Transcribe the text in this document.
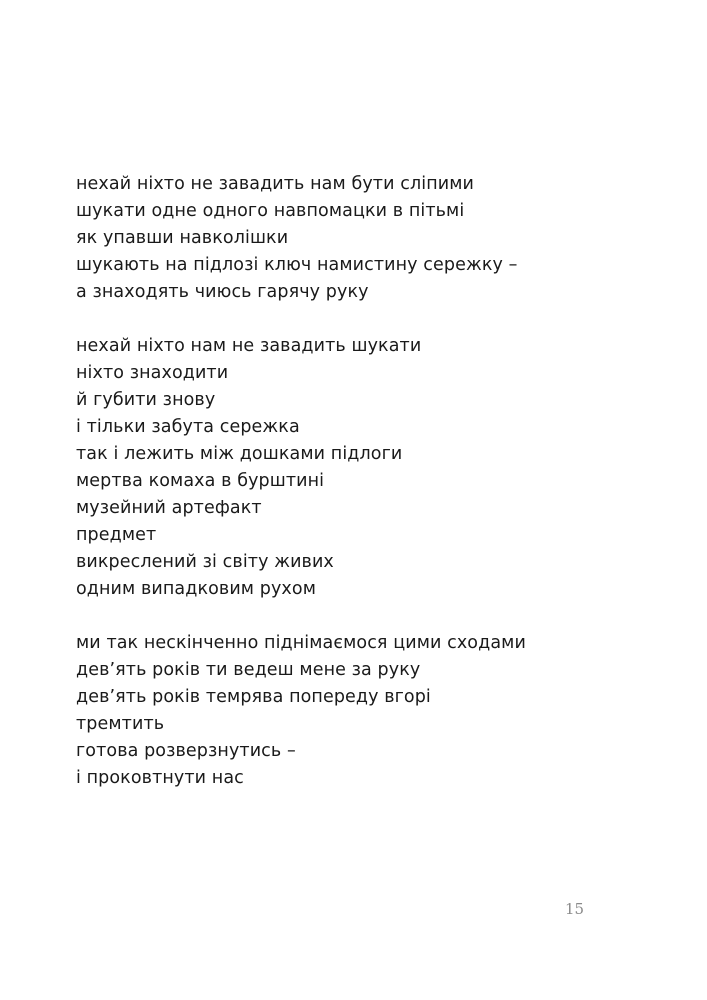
нехай ніхто не завадить нам бути сліпими
шукати одне одного навпомацки в пітьмі
як упавши навколішки
шукають на підлозі ключ намистину сережку –
а знаходять чиюсь гарячу руку
нехай ніхто нам не завадить шукати
ніхто знаходити
й губити знову
і тільки забута сережка
так і лежить між дошками підлоги
мертва комаха в бурштині
музейний артефакт
предмет
викреслений зі світу живих
одним випадковим рухом
ми так нескінченно піднімаємося цими сходами
дев’ять років ти ведеш мене за руку
дев’ять років темрява попереду вгорі
тремтить
готова розверзнутись –
і проковтнути нас
15
